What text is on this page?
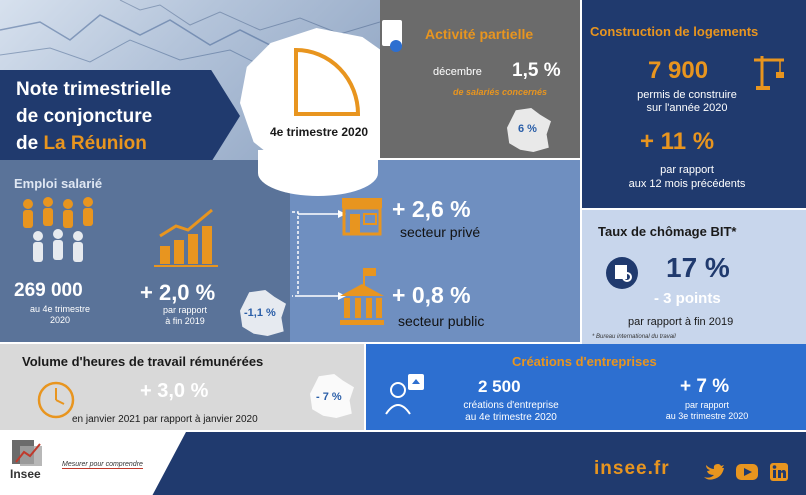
Note trimestrielle
de conjoncture
de La Réunion
4e trimestre 2020
Activité partielle
décembre 1,5 %
de salariés concernés
6 %
Construction de logements
7 900
permis de construire
sur l'année 2020
+ 11 %
par rapport
aux 12 mois précédents
Emploi salarié
269 000
au 4e trimestre
2020
+ 2,0 %
par rapport
à fin 2019
-1,1 %
+ 2,6 %
secteur privé
+ 0,8 %
secteur public
Taux de chômage BIT*
17 %
- 3 points
par rapport à fin 2019
* Bureau international du travail
Volume d'heures de travail rémunérées
+ 3,0 %
en janvier 2021 par rapport à janvier 2020
- 7 %
Créations d'entreprises
2 500
créations d'entreprise
au 4e trimestre 2020
+ 7 %
par rapport
au 3e trimestre 2020
Insee
Mesurer pour comprendre	insee.fr
